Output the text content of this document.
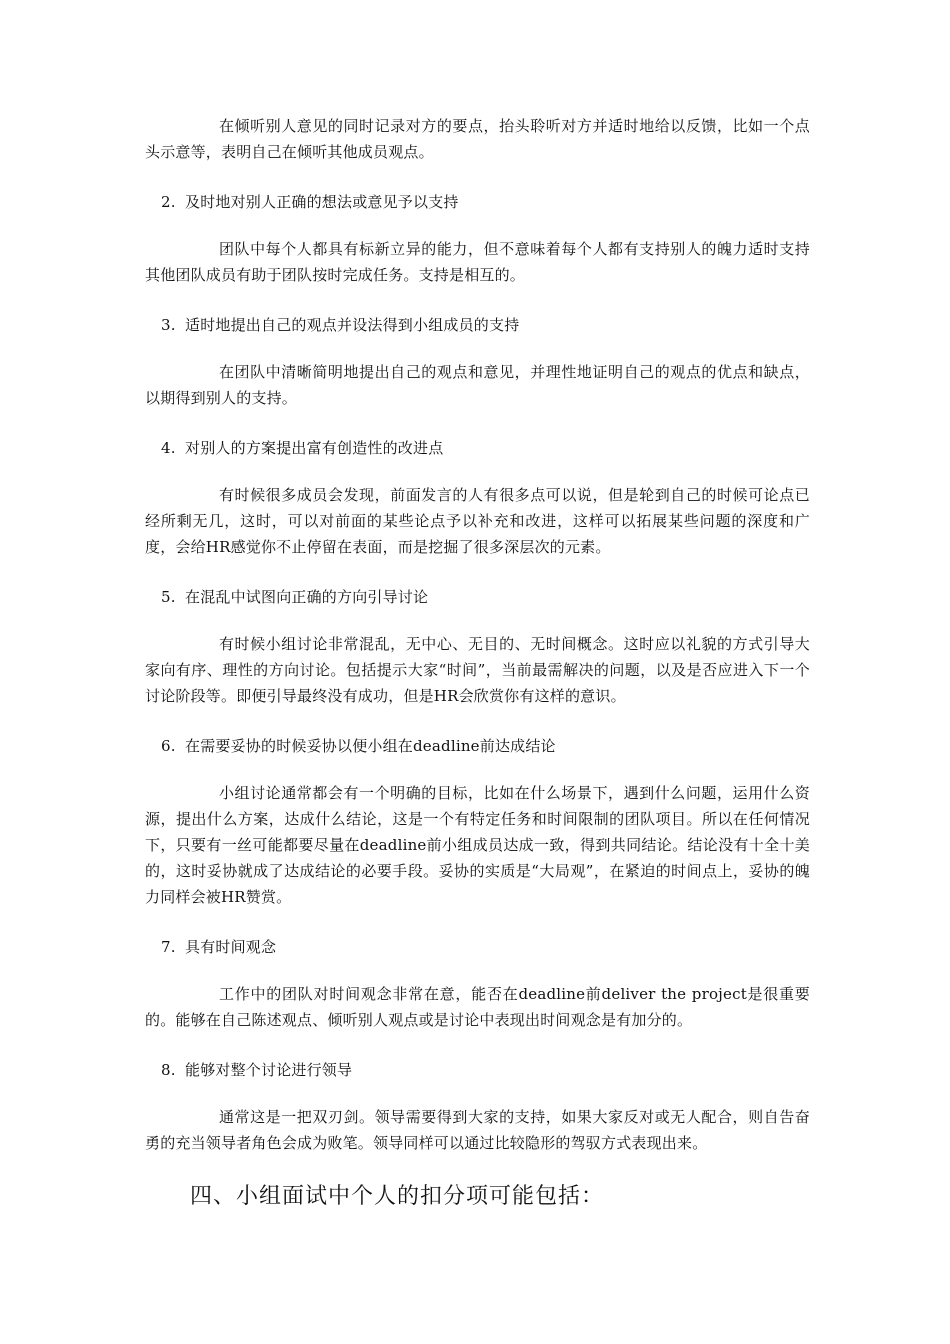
在倾听别人意见的同时记录对方的要点，抬头聆听对方并适时地给以反馈，比如一个点头示意等，表明自己在倾听其他成员观点。

2. 及时地对别人正确的想法或意见予以支持

团队中每个人都具有标新立异的能力，但不意味着每个人都有支持别人的魄力适时支持其他团队成员有助于团队按时完成任务。支持是相互的。

3. 适时地提出自己的观点并设法得到小组成员的支持

在团队中清晰简明地提出自己的观点和意见，并理性地证明自己的观点的优点和缺点，以期得到别人的支持。

4. 对别人的方案提出富有创造性的改进点

有时候很多成员会发现，前面发言的人有很多点可以说，但是轮到自己的时候可论点已经所剩无几，这时，可以对前面的某些论点予以补充和改进，这样可以拓展某些问题的深度和广度，会给HR感觉你不止停留在表面，而是挖掘了很多深层次的元素。

5. 在混乱中试图向正确的方向引导讨论

有时候小组讨论非常混乱，无中心、无目的、无时间概念。这时应以礼貌的方式引导大家向有序、理性的方向讨论。包括提示大家“时间”，当前最需解决的问题，以及是否应进入下一个讨论阶段等。即便引导最终没有成功，但是HR会欣赏你有这样的意识。

6. 在需要妥协的时候妥协以便小组在deadline前达成结论

小组讨论通常都会有一个明确的目标，比如在什么场景下，遇到什么问题，运用什么资源，提出什么方案，达成什么结论，这是一个有特定任务和时间限制的团队项目。所以在任何情况下，只要有一丝可能都要尽量在deadline前小组成员达成一致，得到共同结论。结论没有十全十美的，这时妥协就成了达成结论的必要手段。妥协的实质是“大局观”，在紧迫的时间点上，妥协的魄力同样会被HR赞赏。

7. 具有时间观念

工作中的团队对时间观念非常在意，能否在deadline前deliver the project是很重要的。能够在自己陈述观点、倾听别人观点或是讨论中表现出时间观念是有加分的。

8. 能够对整个讨论进行领导

通常这是一把双刃剑。领导需要得到大家的支持，如果大家反对或无人配合，则自告奋勇的充当领导者角色会成为败笔。领导同样可以通过比较隐形的驾驭方式表现出来。

四、小组面试中个人的扣分项可能包括：
